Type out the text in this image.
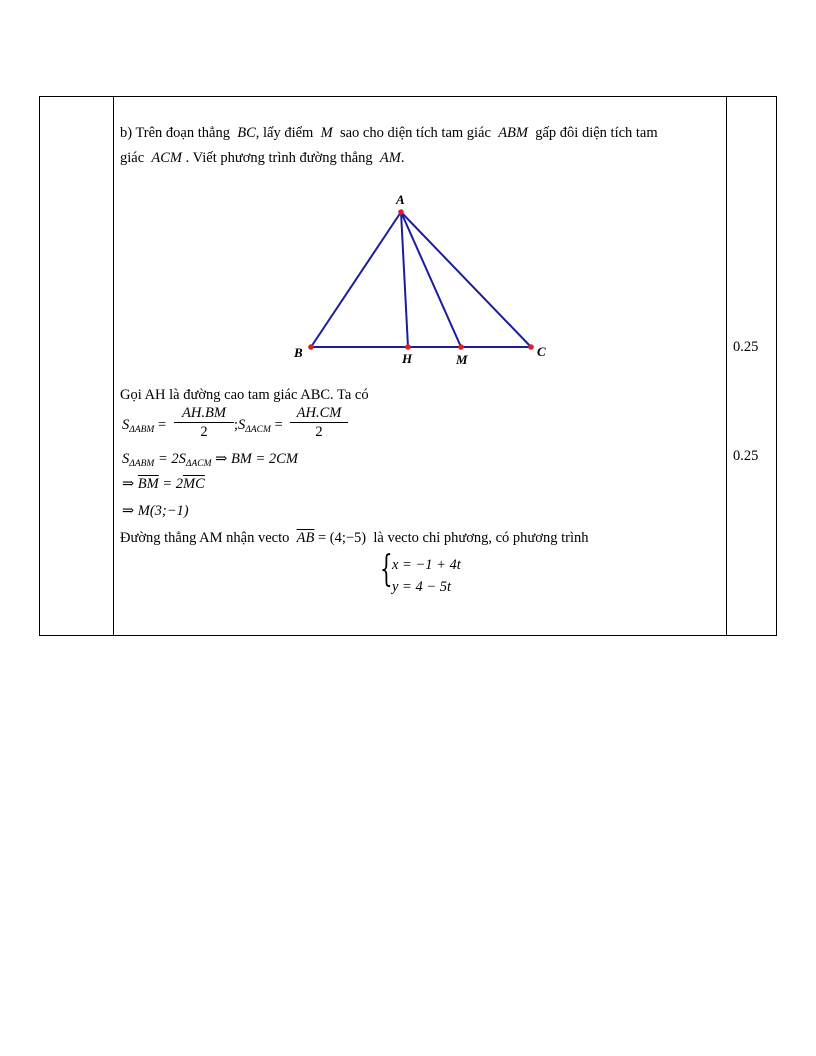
b) Trên đoạn thẳng BC, lấy điểm M sao cho diện tích tam giác ABM gấp đôi diện tích tam
giác ACM . Viết phương trình đường thẳng AM.
A
B	C
H	M
Gọi AH là đường cao tam giác ABC. Ta có
$S_{\Delta ABM} = \frac{AH.BM}{2}$ $;S_{\Delta ACM} = \frac{AH.CM}{2}$
$S_{\Delta ABM} = 2S_{\Delta ACM}$ ⇒ BM = 2CM
⇒ $\overline{BM} = 2\overline{MC}$
⇒ M(3;−1)
Đường thẳng AM nhận vecto $\overline{AB}$ = (4;−5) là vecto chỉ phương, có phương trình
{ x = −1 + 4t
y = 4 − 5t
0.25
0.25
